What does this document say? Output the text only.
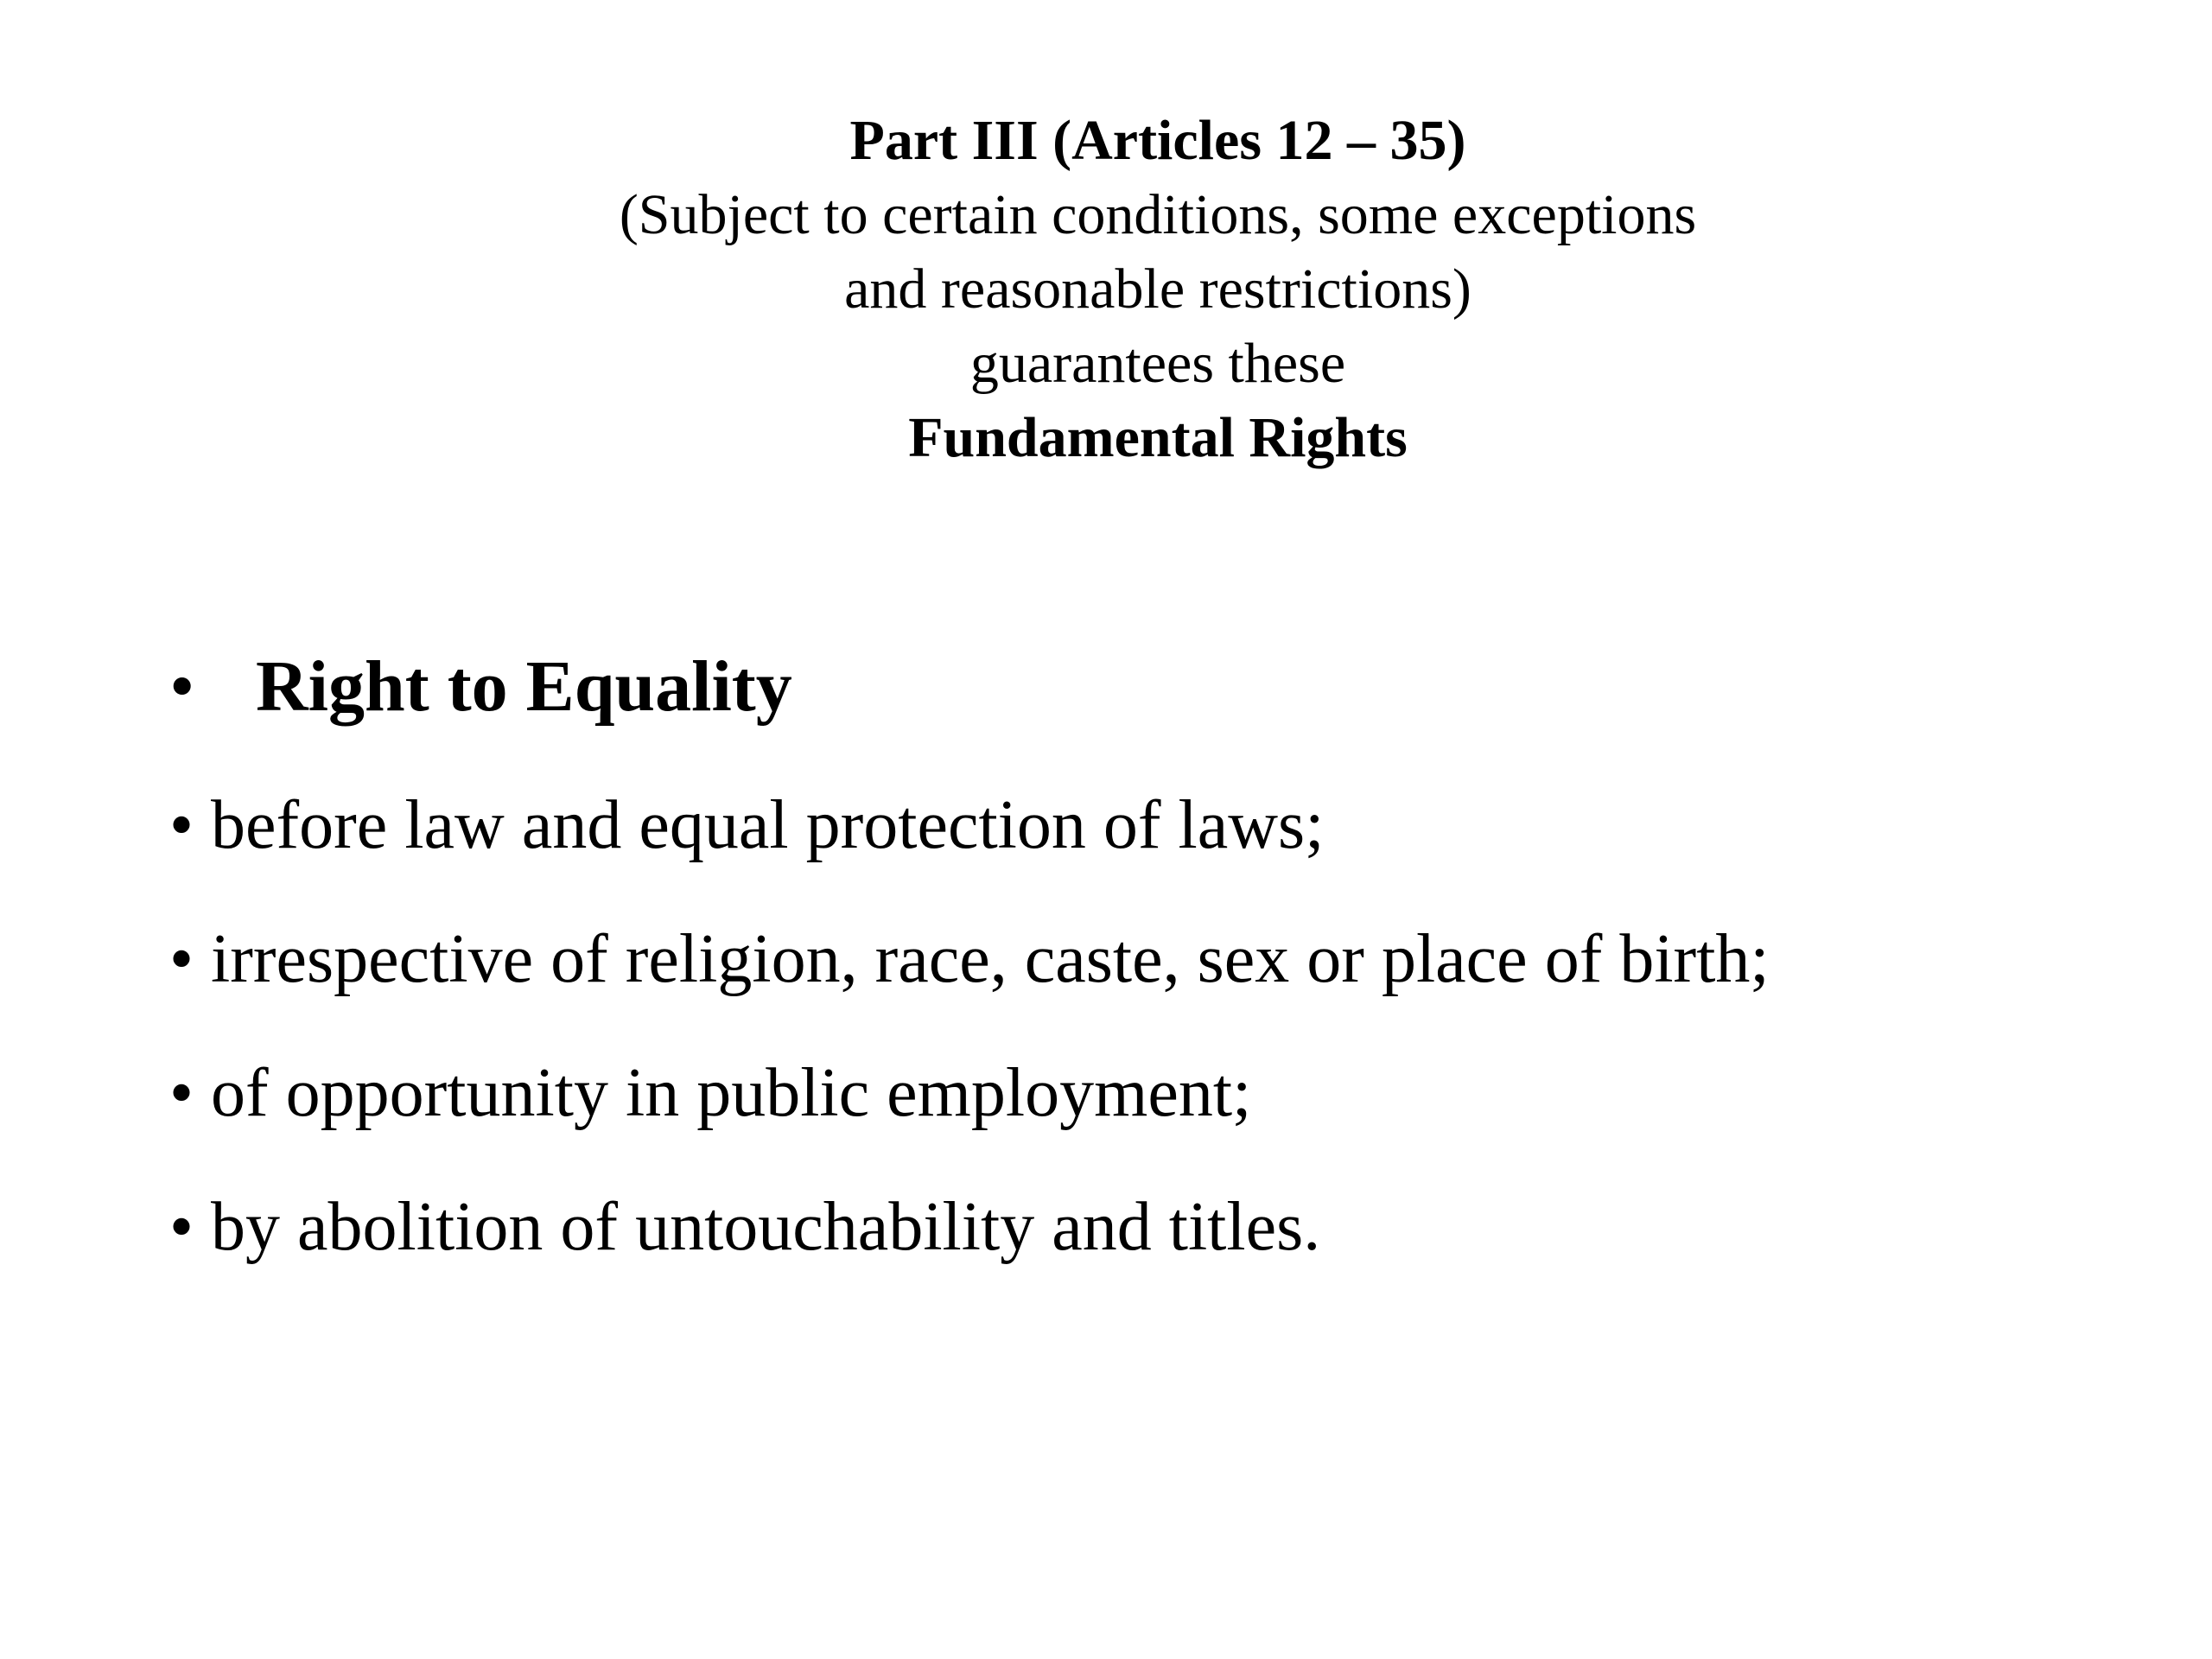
Part III (Articles 12 – 35)
(Subject to certain conditions, some exceptions
and reasonable restrictions)
guarantees these
Fundamental Rights
• Right to Equality
• before law and equal protection of laws;
• irrespective of religion, race, caste, sex or place of birth;
• of opportunity in public employment;
• by abolition of untouchability and titles.
